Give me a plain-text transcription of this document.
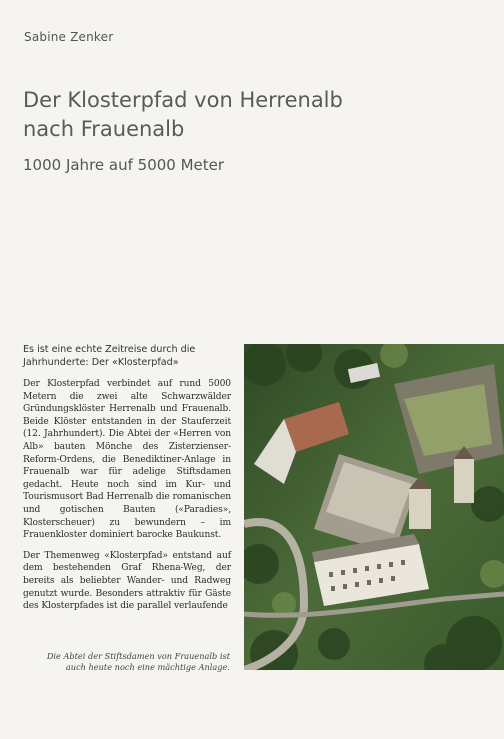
Sabine Zenker
Der Klosterpfad von Herrenalb
nach Frauenalb
1000 Jahre auf 5000 Meter

Es ist eine echte Zeitreise durch die
Jahrhunderte: Der «Klosterpfad»

Der Klosterpfad verbindet auf rund 5000 Metern die zwei alte Schwarzwälder Gründungsklöster Herrenalb und Frauenalb. Beide Klöster entstanden in der Stauferzeit (12. Jahrhundert). Die Abtei der «Herren von Alb» bauten Mönche des Zisterzienser-Reform-Ordens, die Benediktiner-Anlage in Frauenalb war für adelige Stiftsdamen gedacht. Heute noch sind im Kur- und Tourismusort Bad Herrenalb die romanischen und gotischen Bauten («Paradies», Klosterscheuer) zu bewundern – im Frauenkloster dominiert barocke Baukunst.

Der Themenweg «Klosterpfad» entstand auf dem bestehenden Graf Rhena-Weg, der bereits als beliebter Wander- und Radweg genutzt wurde. Besonders attraktiv für Gäste des Klosterpfades ist die parallel verlaufende

Die Abtei der Stiftsdamen von Frauenalb ist
auch heute noch eine mächtige Anlage.
